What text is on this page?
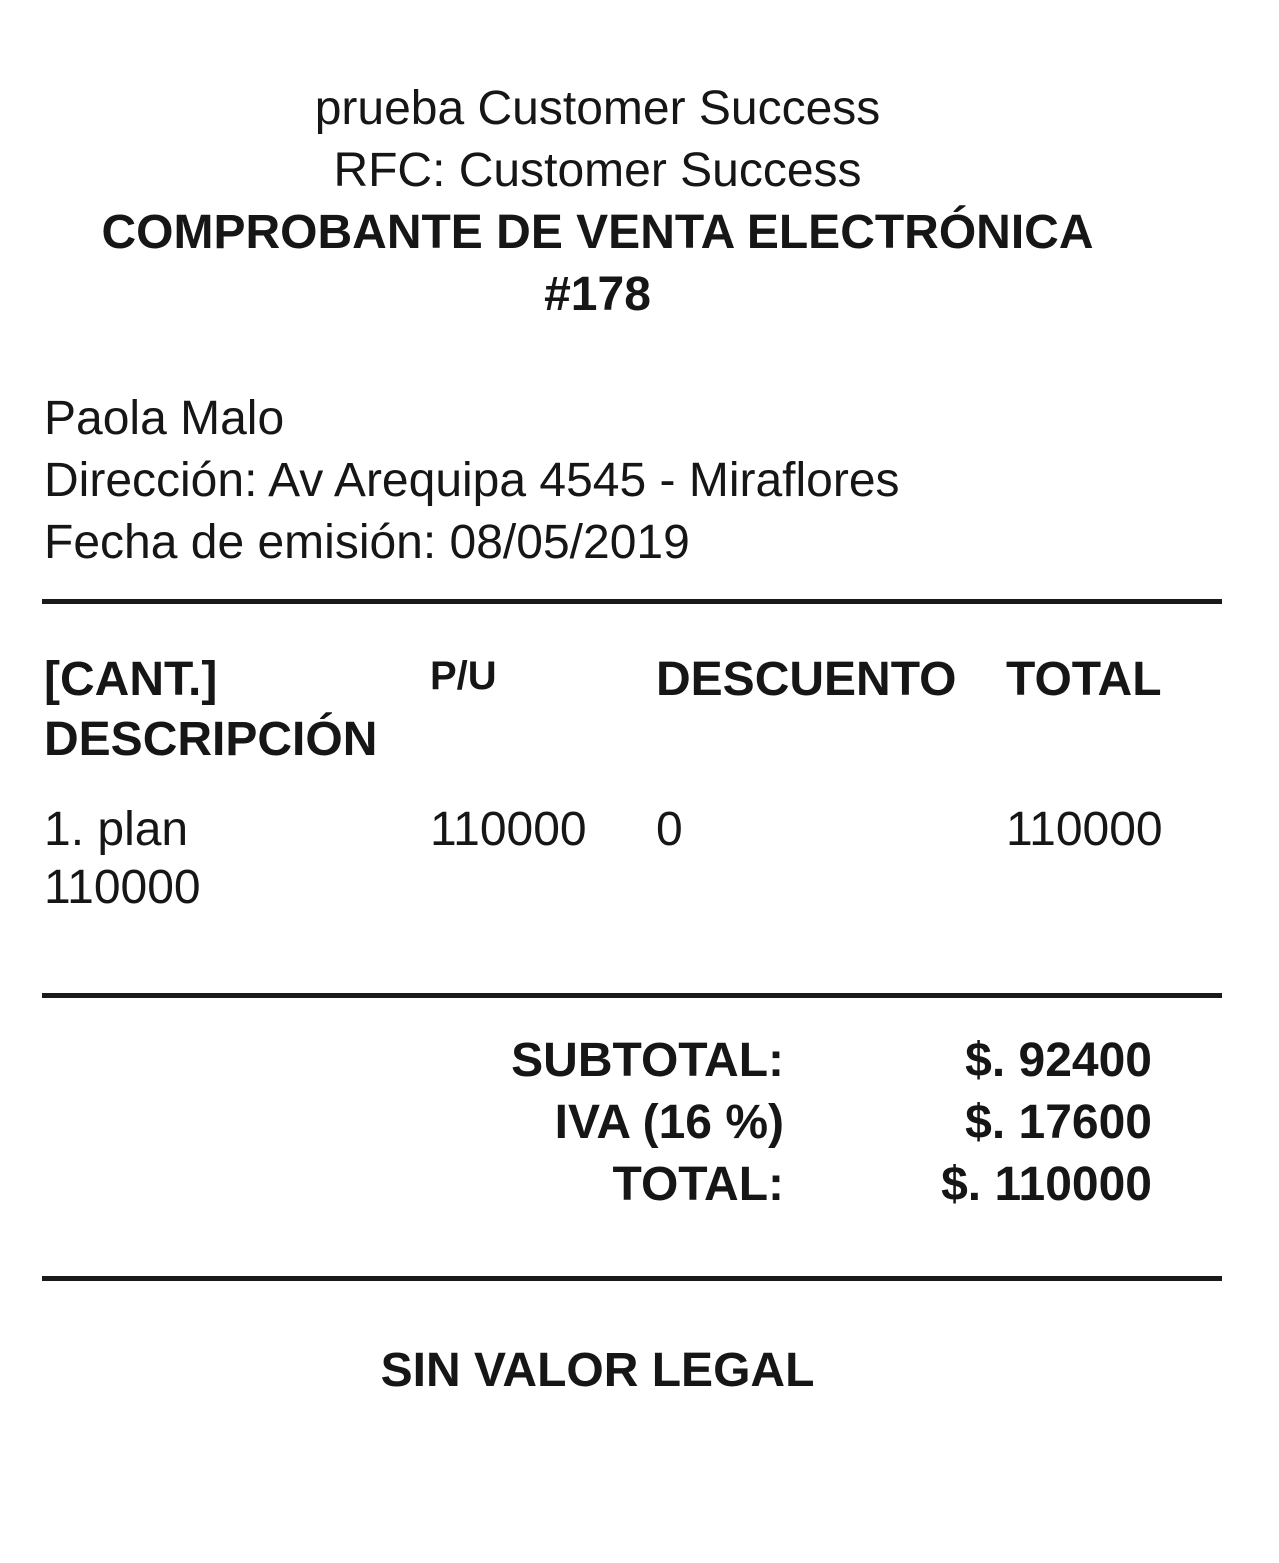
prueba Customer Success
RFC: Customer Success
COMPROBANTE DE VENTA ELECTRÓNICA
#178
Paola Malo
Dirección: Av Arequipa 4545 - Miraflores
Fecha de emisión: 08/05/2019
[CANT.]
DESCRIPCIÓN
P/U	DESCUENTO TOTAL
1. plan
110000
110000 0	110000
SUBTOTAL:
IVA (16 %)
TOTAL:
$. 92400
$. 17600
$. 110000
SIN VALOR LEGAL
